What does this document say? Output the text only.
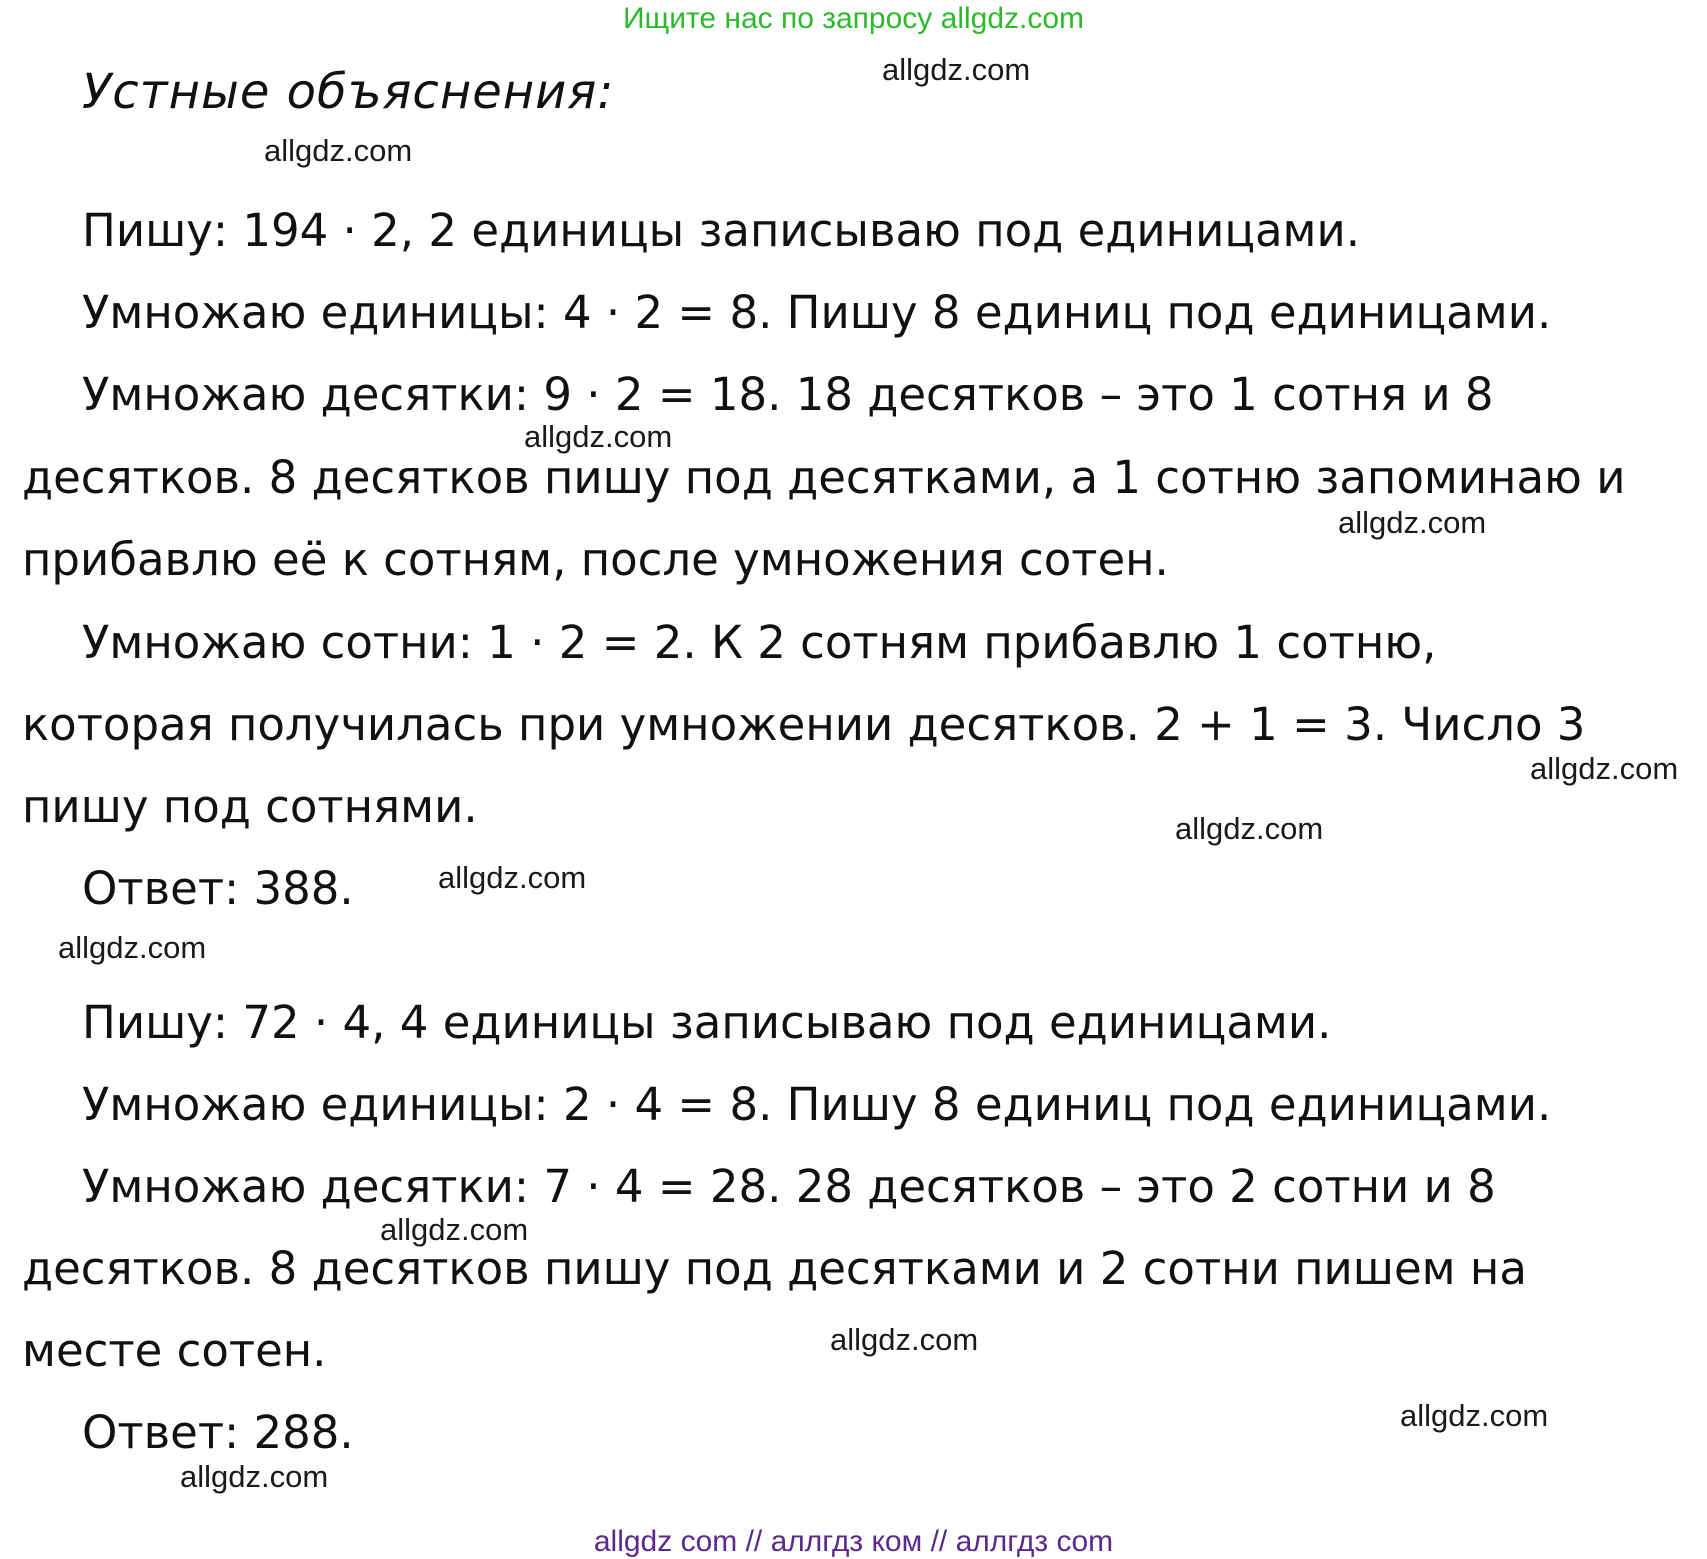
Ищите нас по запросу allgdz.com
Устные объяснения:
Пишу: 194 · 2, 2 единицы записываю под единицами.
Умножаю единицы: 4 · 2 = 8. Пишу 8 единиц под единицами.
Умножаю десятки: 9 · 2 = 18. 18 десятков – это 1 сотня и 8
десятков. 8 десятков пишу под десятками, а 1 сотню запоминаю и
прибавлю её к сотням, после умножения сотен.
Умножаю сотни: 1 · 2 = 2. К 2 сотням прибавлю 1 сотню,
которая получилась при умножении десятков. 2 + 1 = 3. Число 3
пишу под сотнями.
Ответ: 388.
Пишу: 72 · 4, 4 единицы записываю под единицами.
Умножаю единицы: 2 · 4 = 8. Пишу 8 единиц под единицами.
Умножаю десятки: 7 · 4 = 28. 28 десятков – это 2 сотни и 8
десятков. 8 десятков пишу под десятками и 2 сотни пишем на
месте сотен.
Ответ: 288.
allgdz.com
allgdz.com
allgdz.com
allgdz.com
allgdz.com
allgdz.com
allgdz.com
allgdz.com
allgdz.com
allgdz.com
allgdz.com
allgdz.com
allgdz com // аллгдз ком // аллгдз com
